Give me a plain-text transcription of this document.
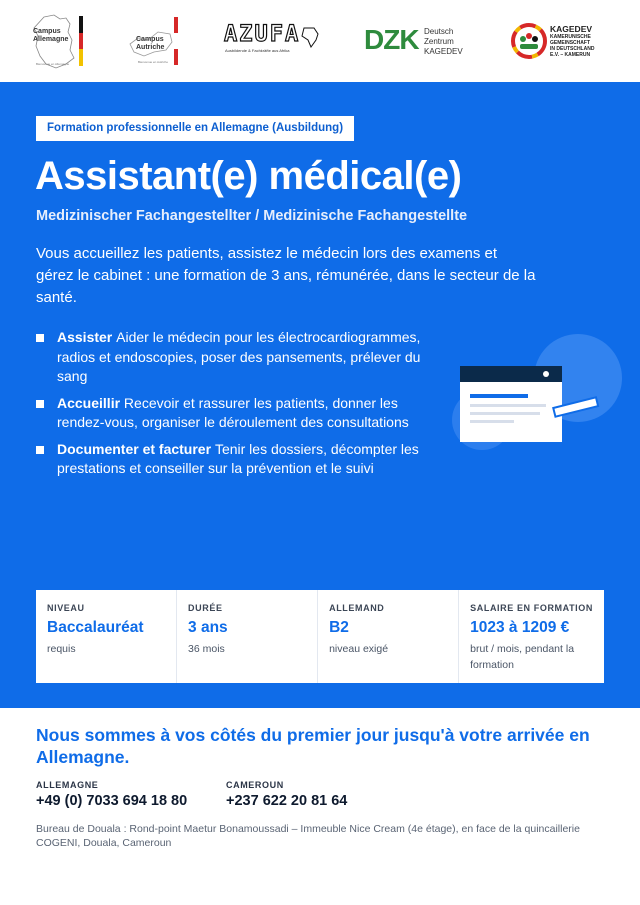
Campus Allemagne
Bienvenue en Allemagne
Campus Autriche
Bienvenue en Autriche
AZUFA
Ausbildende & Fachkräfte aus Afrika	DZK Deutsch
Zentrum
KAGEDEV
KAGEDEV
KAMERUNISCHE
GEMEINSCHAFT
IN DEUTSCHLAND
E.V. – KAMERUN
Formation professionnelle en Allemagne (Ausbildung)
Assistant(e) médical(e)
Medizinischer Fachangestellter / Medizinische Fachangestellte

Vous accueillez les patients, assistez le médecin lors des examens et gérez le cabinet : une formation de 3 ans, rémunérée, dans le secteur de la santé.

Assister Aider le médecin pour les électrocardiogrammes, radios et endoscopies, poser des pansements, prélever du sang
Accueillir Recevoir et rassurer les patients, donner les rendez-vous, organiser le déroulement des consultations
Documenter et facturer Tenir les dossiers, décompter les prestations et conseiller sur la prévention et le suivi
NIVEAU
Baccalauréat
requis
DURÉE
3 ans
36 mois
ALLEMAND
B2
niveau exigé
SALAIRE EN FORMATION
1023 à 1209 €
brut / mois, pendant la formation
Nous sommes à vos côtés du premier jour jusqu'à votre arrivée en Allemagne.
ALLEMAGNE
+49 (0) 7033 694 18 80
CAMEROUN
+237 622 20 81 64

Bureau de Douala : Rond-point Maetur Bonamoussadi – Immeuble Nice Cream (4e étage), en face de la quincaillerie COGENI, Douala, Cameroun
